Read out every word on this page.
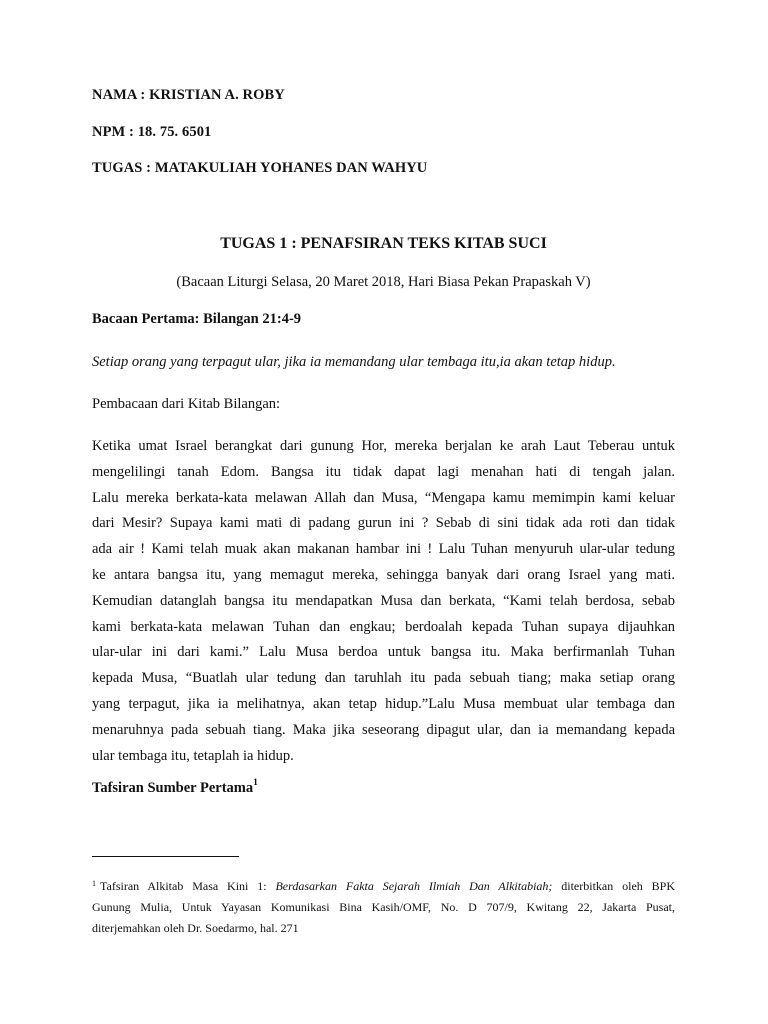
NAMA : KRISTIAN A. ROBY
NPM : 18. 75. 6501
TUGAS : MATAKULIAH YOHANES DAN WAHYU
TUGAS 1 : PENAFSIRAN TEKS KITAB SUCI
(Bacaan Liturgi Selasa, 20 Maret 2018, Hari Biasa Pekan Prapaskah V)
Bacaan Pertama: Bilangan 21:4-9
Setiap orang yang terpagut ular, jika ia memandang ular tembaga itu,ia akan tetap hidup.
Pembacaan dari Kitab Bilangan:
Ketika umat Israel berangkat dari gunung Hor, mereka berjalan ke arah Laut Teberau untuk
mengelilingi tanah Edom. Bangsa itu tidak dapat lagi menahan hati di tengah jalan.
Lalu mereka berkata-kata melawan Allah dan Musa, “Mengapa kamu memimpin kami keluar
dari Mesir? Supaya kami mati di padang gurun ini ? Sebab di sini tidak ada roti dan tidak
ada air ! Kami telah muak akan makanan hambar ini ! Lalu Tuhan menyuruh ular-ular tedung
ke antara bangsa itu, yang memagut mereka, sehingga banyak dari orang Israel yang mati.
Kemudian datanglah bangsa itu mendapatkan Musa dan berkata, “Kami telah berdosa, sebab
kami berkata-kata melawan Tuhan dan engkau; berdoalah kepada Tuhan supaya dijauhkan
ular-ular ini dari kami.” Lalu Musa berdoa untuk bangsa itu. Maka berfirmanlah Tuhan
kepada Musa, “Buatlah ular tedung dan taruhlah itu pada sebuah tiang; maka setiap orang
yang terpagut, jika ia melihatnya, akan tetap hidup.”Lalu Musa membuat ular tembaga dan
menaruhnya pada sebuah tiang. Maka jika seseorang dipagut ular, dan ia memandang kepada
ular tembaga itu, tetaplah ia hidup.
Tafsiran Sumber Pertama$^1$
$^1$ Tafsiran Alkitab Masa Kini 1: Berdasarkan Fakta Sejarah Ilmiah Dan Alkitabiah; diterbitkan oleh BPK
Gunung Mulia, Untuk Yayasan Komunikasi Bina Kasih/OMF, No. D 707/9, Kwitang 22, Jakarta Pusat,
diterjemahkan oleh Dr. Soedarmo, hal. 271
